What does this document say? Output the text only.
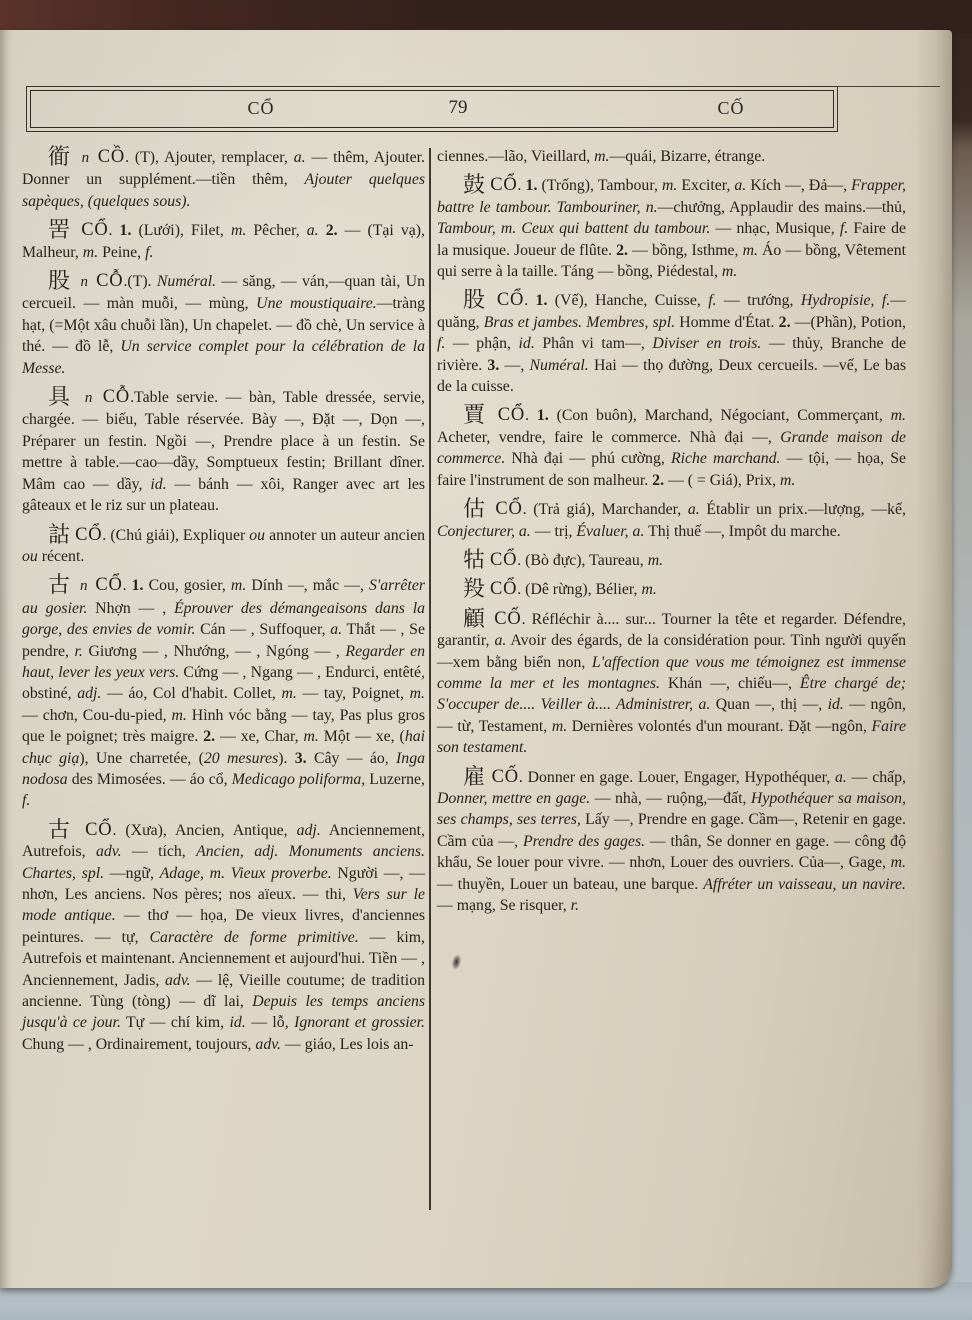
CỔ	79	CỐ

衜 n CỒ. (T), Ajouter, remplacer, a. — thêm, Ajouter. Donner un supplément.—tiền thêm, Ajouter quelques sapèques, (quelques sous).

罟 CỔ. 1. (Lưới), Filet, m. Pêcher, a. 2. — (Tại vạ), Malheur, m. Peine, f.

股 n CỖ.(T). Numéral. — săng, — ván,—quan tài, Un cercueil. — màn muỗi, — mùng, Une moustiquaire.—tràng hạt, (=Một xâu chuỗi lần), Un chapelet. — đồ chè, Un service à thé. — đồ lễ, Un service complet pour la célébration de la Messe.

具 n CỖ.Table servie. — bàn, Table dressée, servie, chargée. — biếu, Table réservée. Bày —, Đặt —, Dọn —, Préparer un festin. Ngồi —, Prendre place à un festin. Se mettre à table.—cao—dầy, Somptueux festin; Brillant dîner. Mâm cao — dầy, id. — bánh — xôi, Ranger avec art les gâteaux et le riz sur un plateau.

詁 CỔ. (Chú giải), Expliquer ou annoter un auteur ancien ou récent.

古 n CỔ. 1. Cou, gosier, m. Dính —, mắc —, S'arrêter au gosier. Nhợn — , Éprouver des démangeaisons dans la gorge, des envies de vomir. Cán — , Suffoquer, a. Thắt — , Se pendre, r. Giương — , Nhướng, — , Ngóng — , Regarder en haut, lever les yeux vers. Cứng — , Ngang — , Endurci, entêté, obstiné, adj. — áo, Col d'habit. Collet, m. — tay, Poignet, m. — chơn, Cou-du-pied, m. Hình vóc bằng — tay, Pas plus gros que le poignet; très maigre. 2. — xe, Char, m. Một — xe, (hai chục giạ), Une charretée, (20 mesures). 3. Cây — áo, Inga nodosa des Mimosées. — áo cổ, Medicago poliforma, Luzerne, f.

古 CỔ. (Xưa), Ancien, Antique, adj. Anciennement, Autrefois, adv. — tích, Ancien, adj. Monuments anciens. Chartes, spl. —ngữ, Adage, m. Vieux proverbe. Người —, — nhơn, Les anciens. Nos pères; nos aïeux. — thi, Vers sur le mode antique. — thơ — họa, De vieux livres, d'anciennes peintures. — tự, Caractère de forme primitive. — kim, Autrefois et maintenant. Anciennement et aujourd'hui. Tiền — , Anciennement, Jadis, adv. — lệ, Vieille coutume; de tradition ancienne. Tùng (tòng) — dĩ lai, Depuis les temps anciens jusqu'à ce jour. Tự — chí kim, id. — lỗ, Ignorant et grossier. Chung — , Ordinairement, toujours, adv. — giáo, Les lois an-

ciennes.—lão, Vieillard, m.—quái, Bizarre, étrange.

鼓 CỔ. 1. (Trống), Tambour, m. Exciter, a. Kích —, Đả—, Frapper, battre le tambour. Tambouriner, n.—chưởng, Applaudir des mains.—thủ, Tambour, m. Ceux qui battent du tambour. — nhạc, Musique, f. Faire de la musique. Joueur de flûte. 2. — bồng, Isthme, m. Áo — bồng, Vêtement qui serre à la taille. Táng — bồng, Piédestal, m.

股 CỔ. 1. (Vế), Hanche, Cuisse, f. — trướng, Hydropisie, f.—quăng, Bras et jambes. Membres, spl. Homme d'État. 2. —(Phần), Potion, f. — phận, id. Phân vi tam—, Diviser en trois. — thủy, Branche de rivière. 3. —, Numéral. Hai — thọ đường, Deux cercueils. —vế, Le bas de la cuisse.

賈 CỔ. 1. (Con buôn), Marchand, Négociant, Commerçant, m. Acheter, vendre, faire le commerce. Nhà đại —, Grande maison de commerce. Nhà đại — phú cường, Riche marchand. — tội, — họa, Se faire l'instrument de son malheur. 2. — ( = Giá), Prix, m.

估 CỔ. (Trả giá), Marchander, a. Établir un prix.—lượng, —kế, Conjecturer, a. — trị, Évaluer, a. Thị thuế —, Impôt du marche.

牯 CỔ. (Bò đực), Taureau, m.

羖 CỔ. (Dê rừng), Bélier, m.

顧 CỐ. Réfléchir à.... sur... Tourner la tête et regarder. Défendre, garantir, a. Avoir des égards, de la considération pour. Tình người quyến —xem bằng biển non, L'affection que vous me témoignez est immense comme la mer et les montagnes. Khán —, chiếu—, Être chargé de; S'occuper de.... Veiller à.... Administrer, a. Quan —, thị —, id. — ngôn, — từ, Testament, m. Dernières volontés d'un mourant. Đặt —ngôn, Faire son testament.

雇 CỐ. Donner en gage. Louer, Engager, Hypothéquer, a. — chấp, Donner, mettre en gage. — nhà, — ruộng,—đất, Hypothéquer sa maison, ses champs, ses terres, Lấy —, Prendre en gage. Cầm—, Retenir en gage. Cầm của —, Prendre des gages. — thân, Se donner en gage. — công độ khẩu, Se louer pour vivre. — nhơn, Louer des ouvriers. Của—, Gage, m. — thuyền, Louer un bateau, une barque. Affréter un vaisseau, un navire. — mạng, Se risquer, r.
